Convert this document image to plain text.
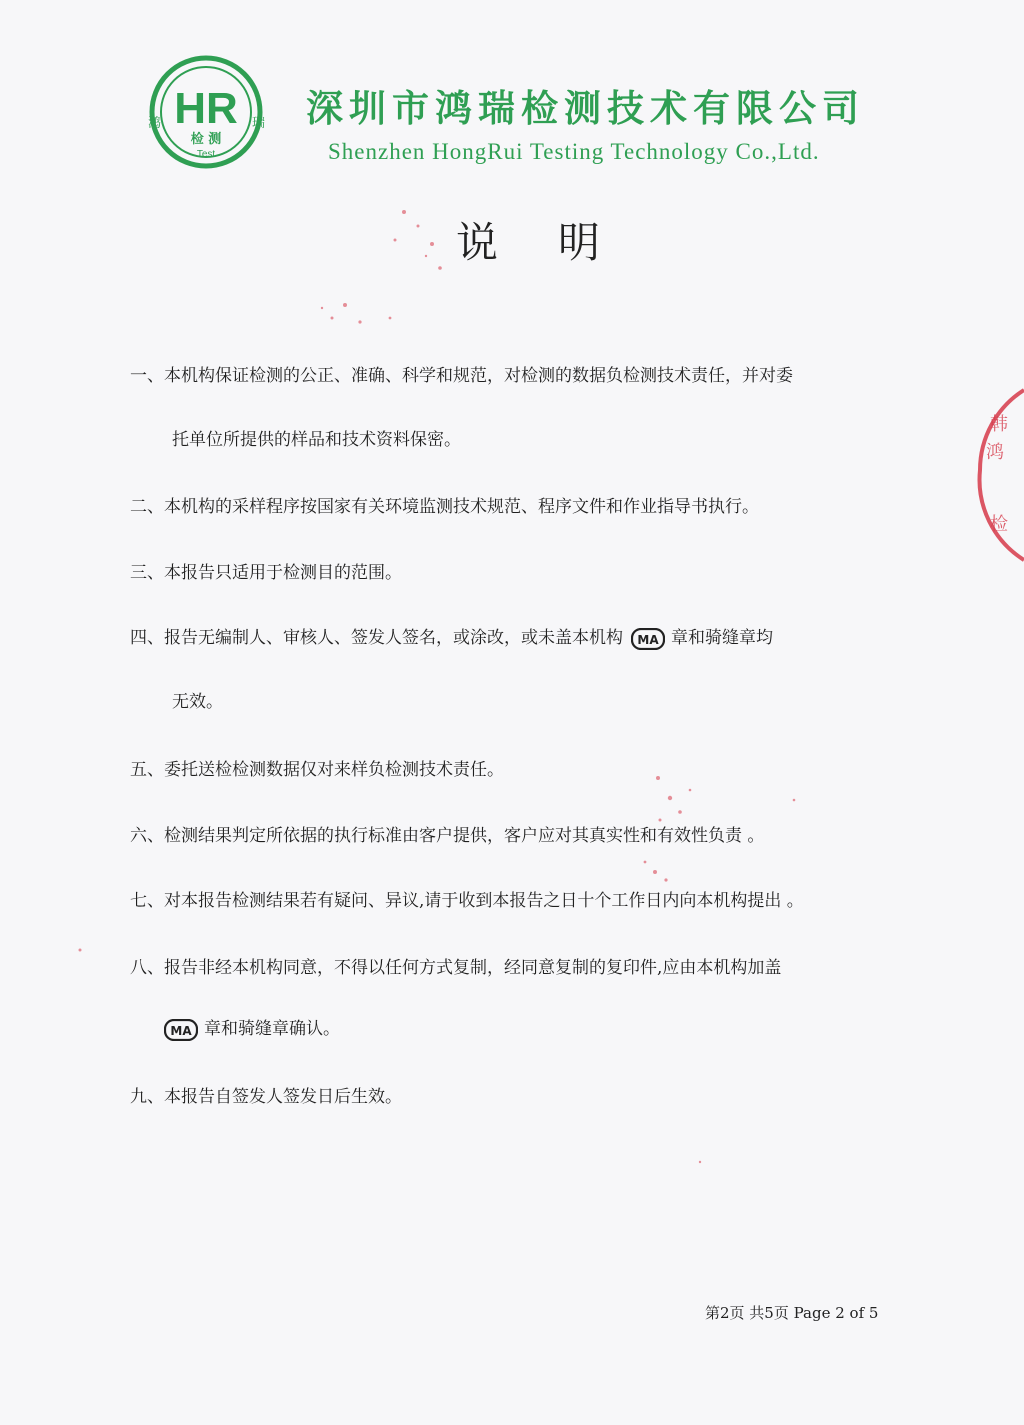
HR
鸿	瑞
检 测
Test
深圳市鸿瑞检测技术有限公司
Shenzhen HongRui Testing Technology Co.,Ltd.
说明
一、本机构保证检测的公正、准确、科学和规范，对检测的数据负检测技术责任，并对委
托单位所提供的样品和技术资料保密。
二、本机构的采样程序按国家有关环境监测技术规范、程序文件和作业指导书执行。
三、本报告只适用于检测目的范围。
四、报告无编制人、审核人、签发人签名，或涂改，或未盖本机构 MA 章和骑缝章均
无效。
五、委托送检检测数据仅对来样负检测技术责任。
六、检测结果判定所依据的执行标准由客户提供，客户应对其真实性和有效性负责 。
七、对本报告检测结果若有疑问、异议,请于收到本报告之日十个工作日内向本机构提出 。
八、报告非经本机构同意，不得以任何方式复制，经同意复制的复印件,应由本机构加盖
MA 章和骑缝章确认。
九、本报告自签发人签发日后生效。
第2页 共5页 Page 2 of 5
韩
鸿
检
